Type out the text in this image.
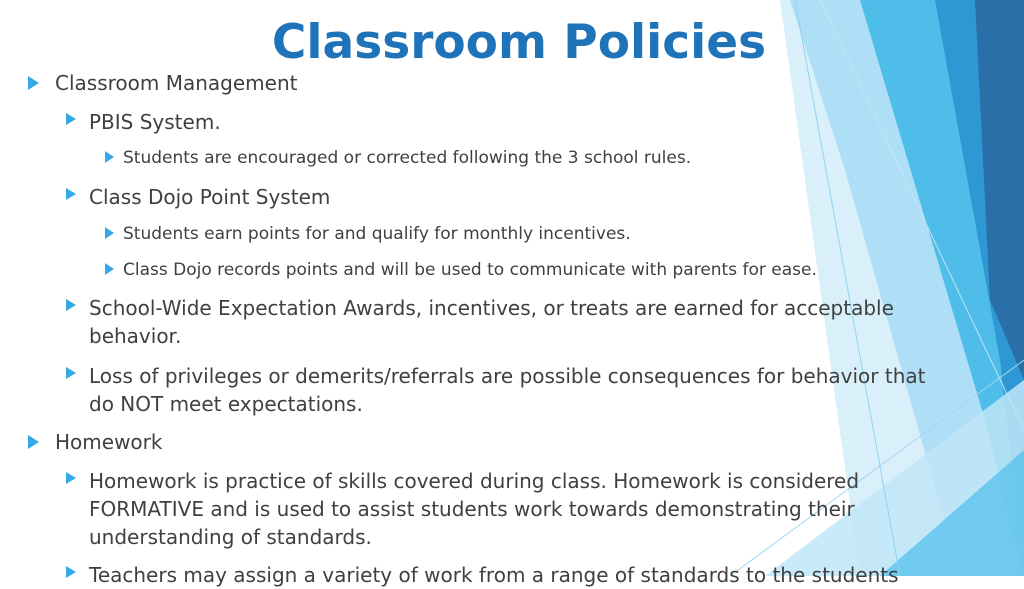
Classroom Policies
Classroom Management
PBIS System.
Students are encouraged or corrected following the 3 school rules.
Class Dojo Point System
Students earn points for and qualify for monthly incentives.
Class Dojo records points and will be used to communicate with parents for ease.
School-Wide Expectation Awards, incentives, or treats are earned for acceptable
behavior.
Loss of privileges or demerits/referrals are possible consequences for behavior that
do NOT meet expectations.
Homework
Homework is practice of skills covered during class. Homework is considered
FORMATIVE and is used to assist students work towards demonstrating their
understanding of standards.
Teachers may assign a variety of work from a range of standards to the students
